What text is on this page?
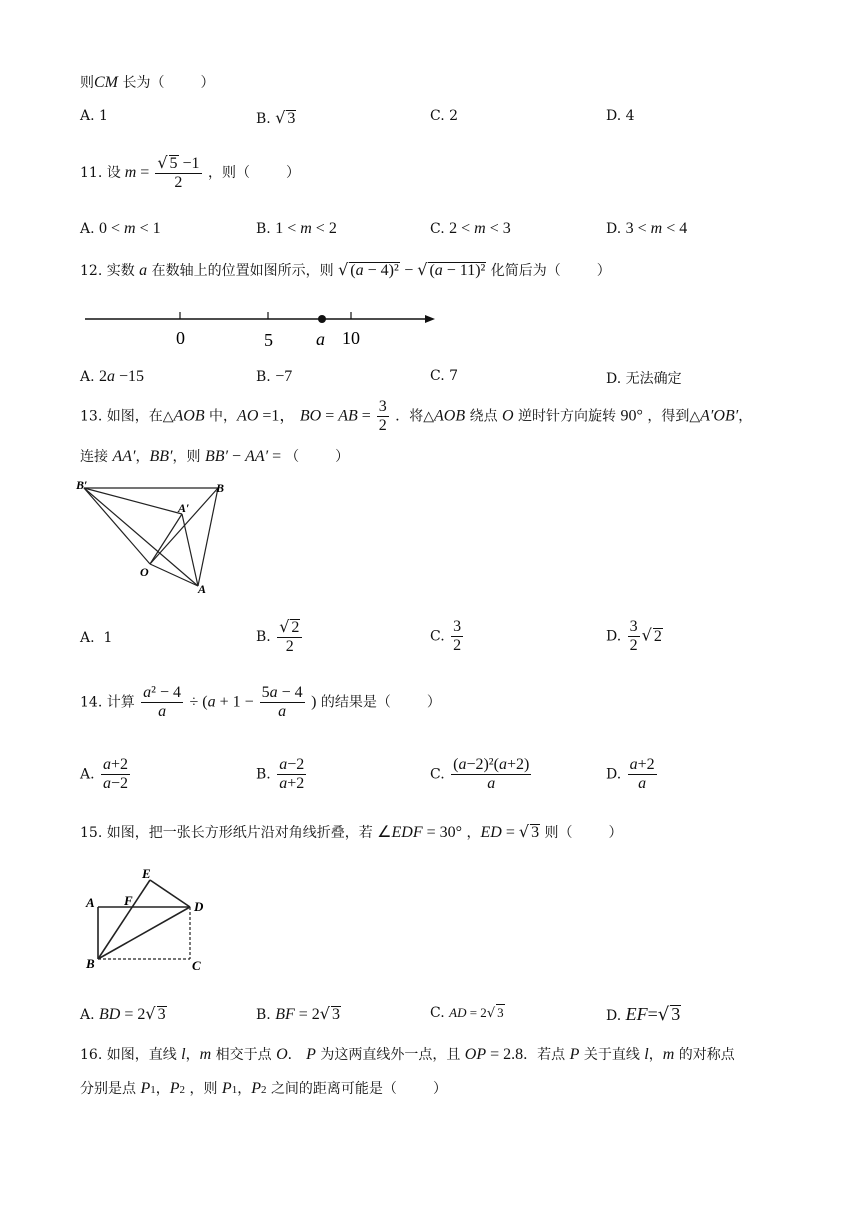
则CM 长为（	）
A. 1	B. √ 3	C. 2	D. 4
11. 设 $m = \frac{√ 5 -1}{2}$ ，则（	）
A. 0 < m < 1	B. 1 < m < 2	C. 2 < m < 3	D. 3 < m < 4
12. 实数 a 在数轴上的位置如图所示，则 √ (a − 4)² − √ (a − 11)² 化简后为（	）
0	5 a 10
A. 2a −15	B. −7	C. 7	D. 无法确定
13. 如图，在△AOB 中，AO =1， BO = AB = $\frac{3}{2}$ ．将△AOB 绕点 O 逆时针方向旋转 90° ，得到△A′OB′，
连接 AA′，BB′，则 BB′ − AA′ = （	）
B′	B
A′
O
A
A.  1	B. $\frac{√ 2}{2}$	C. $\frac{3}{2}$	D. $\frac{3}{2}$ √ 2
14. 计算 $\frac{\text{a² − 4}}{a} \div (a + 1 - \frac{5a - 4}{a}$ ) 的结果是（	）
A. $\frac{a+2}{a-2}$	B. $\frac{a-2}{a+2}$	C. $\frac{\text{(a−2)²(a+2)}}{a}$	D. $\frac{a+2}{a}$
15. 如图，把一张长方形纸片沿对角线折叠，若 ∠EDF = 30° ，ED = √ 3 则（	）
E
A F	D
B	C
A. BD = 2√ 3	B. BF = 2√ 3	C. AD = 2√ 3	D. EF=√ 3
16. 如图，直线 l，m 相交于点 O． P 为这两直线外一点，且 OP = 2.8．若点 P 关于直线 l，m 的对称点
分别是点 P1，P2 ，则 P1，P2 之间的距离可能是（	）
